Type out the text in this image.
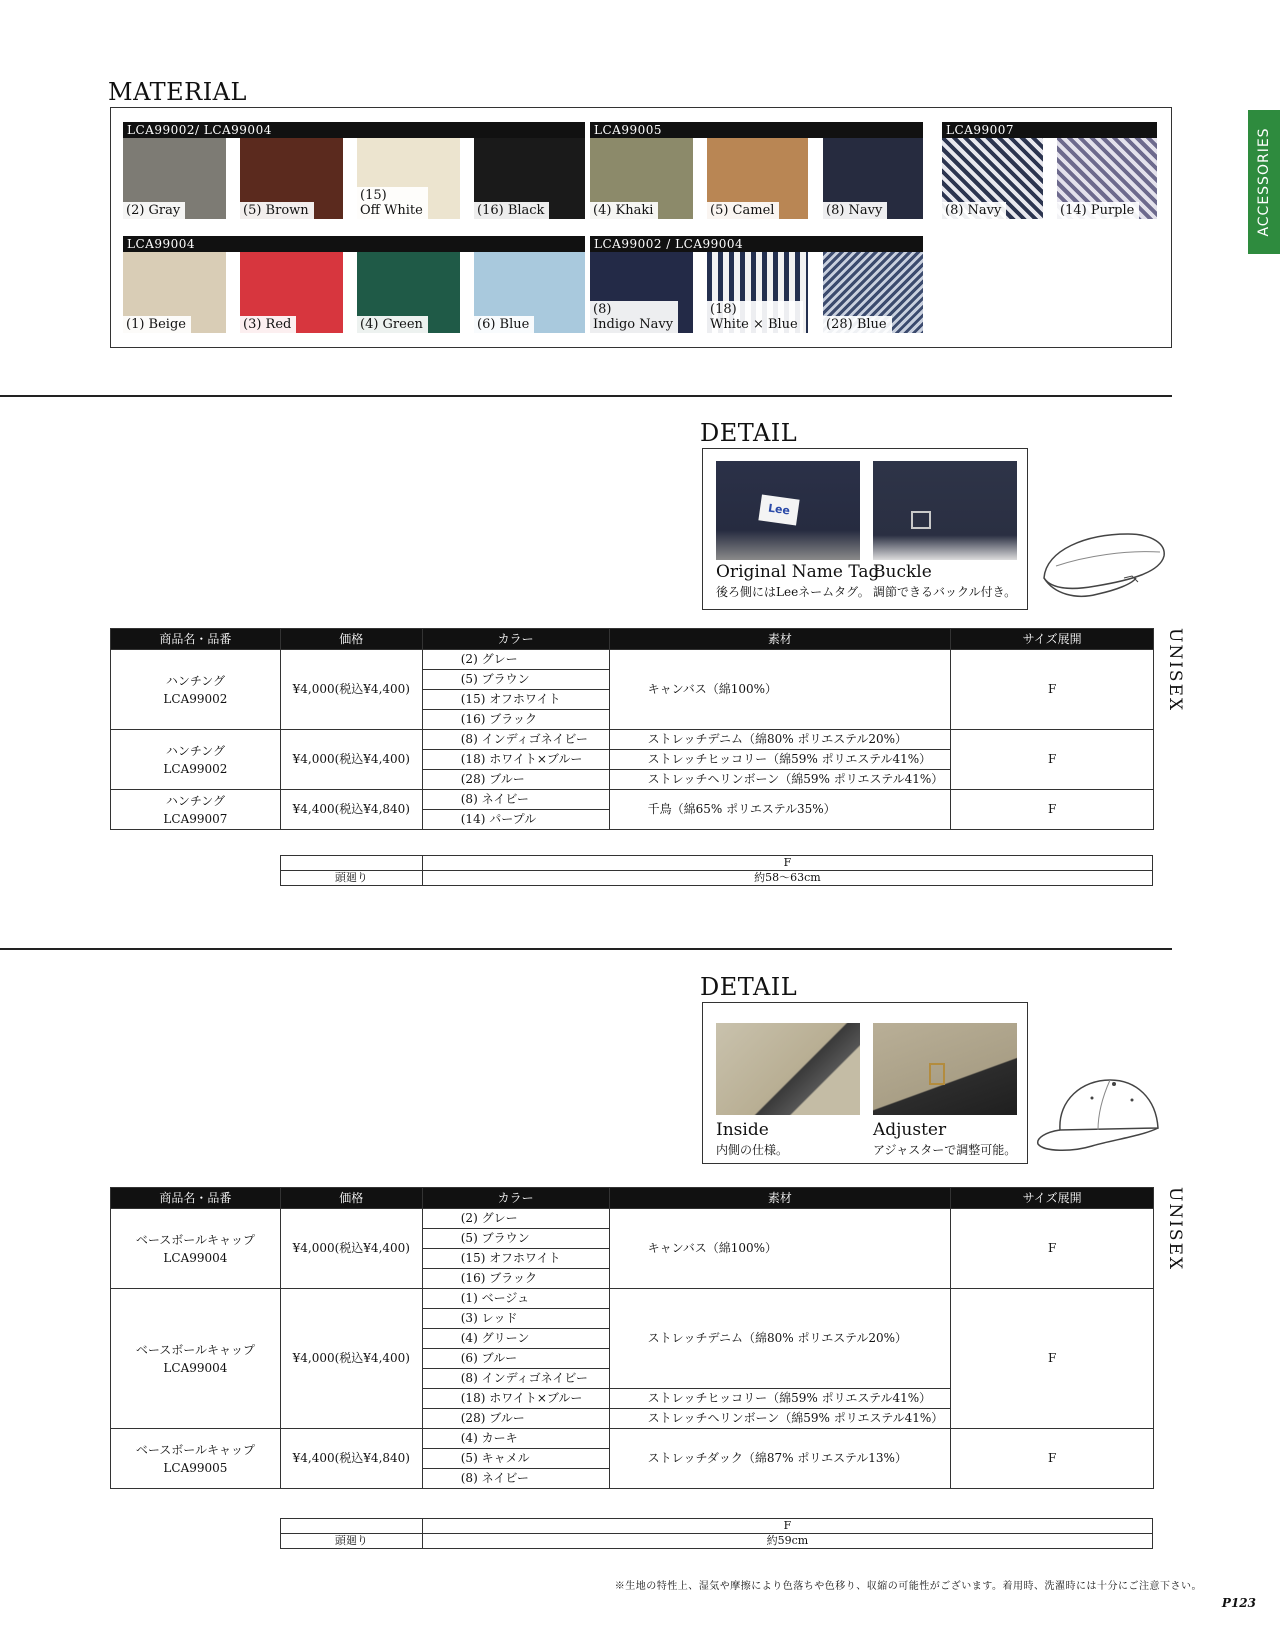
MATERIAL
LCA99002/ LCA99004
(2) Gray	(5) Brown
(15)
Off White	(16) Black
LCA99005
(4) Khaki	(5) Camel	(8) Navy
LCA99007
(8) Navy	(14) Purple
LCA99004
(1) Beige	(3) Red	(4) Green	(6) Blue
LCA99002 / LCA99004
(8)
Indigo Navy
(18)
White × Blue	(28) Blue
ACCESSORIES
DETAIL
Lee
Original Name Tag
後ろ側にはLeeネームタグ。
Buckle
調節できるバックル付き。
商品名・品番	価格	カラー	素材	サイズ展開

ハンチング
LCA99002	¥4,000(税込¥4,400)	(2) グレー	キャンバス（綿100%）	F
		(5) ブラウン		
		(15) オフホワイト		
		(16) ブラック		

ハンチング
LCA99002	¥4,000(税込¥4,400)	(8) インディゴネイビー	ストレッチデニム（綿80% ポリエステル20%）	F
		(18) ホワイト×ブルー	ストレッチヒッコリー（綿59% ポリエステル41%）	
		(28) ブルー	ストレッチヘリンボーン（綿59% ポリエステル41%）	

ハンチング
LCA99007	¥4,400(税込¥4,840)	(8) ネイビー	千鳥（綿65% ポリエステル35%）	F
		(14) パープル		
UNISEX
	F
頭廻り	約58〜63cm
DETAIL
Inside
内側の仕様。
Adjuster
アジャスターで調整可能。
商品名・品番	価格	カラー	素材	サイズ展開

ベースボールキャップ
LCA99004	¥4,000(税込¥4,400)	(2) グレー	キャンバス（綿100%）	F
		(5) ブラウン		
		(15) オフホワイト		
		(16) ブラック		

ベースボールキャップ
LCA99004	¥4,000(税込¥4,400)	(1) ベージュ	ストレッチデニム（綿80% ポリエステル20%）	F
		(3) レッド		
		(4) グリーン		
		(6) ブルー		
		(8) インディゴネイビー		
		(18) ホワイト×ブルー	ストレッチヒッコリー（綿59% ポリエステル41%）	
		(28) ブルー	ストレッチヘリンボーン（綿59% ポリエステル41%）	

ベースボールキャップ
LCA99005	¥4,400(税込¥4,840)	(4) カーキ	ストレッチダック（綿87% ポリエステル13%）	F
		(5) キャメル		
		(8) ネイビー		
UNISEX
	F
頭廻り	約59cm
※生地の特性上、湿気や摩擦により色落ちや色移り、収縮の可能性がございます。着用時、洗濯時には十分にご注意下さい。
P123
